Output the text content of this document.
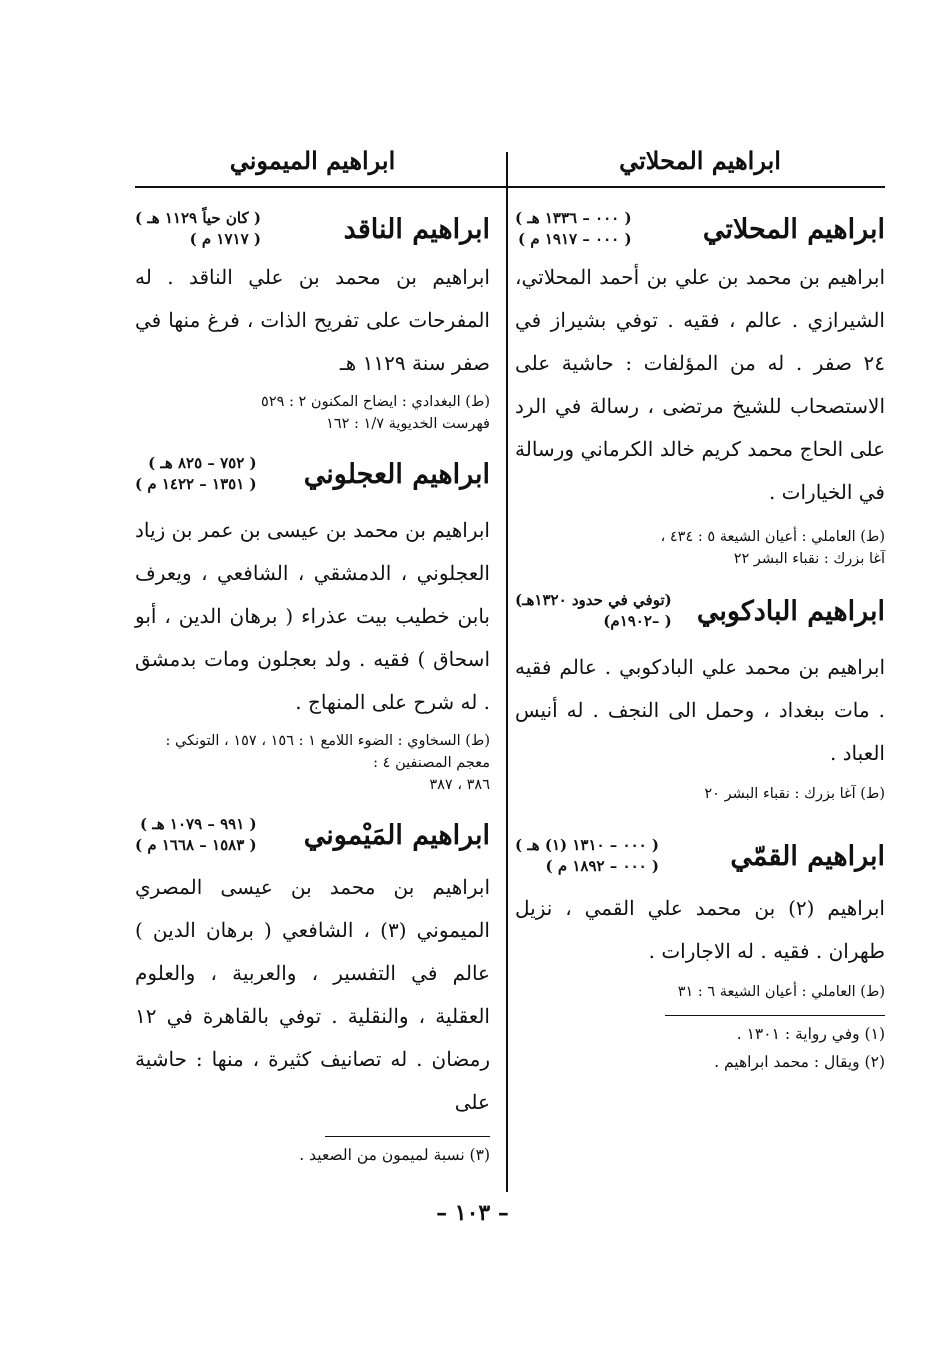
ابراهيم المحلاتي
ابراهيم المحلاتي
( ٠٠٠ – ١٣٣٦ هـ )
( ٠٠٠ – ١٩١٧ م )
ابراهيم بن محمد بن علي بن أحمد المحلاتي، الشيرازي . عالم ، فقيه . توفي بشيراز في ٢٤ صفر . له من المؤلفات : حاشية على الاستصحاب للشيخ مرتضى ، رسالة في الرد على الحاج محمد كريم خالد الكرماني ورسالة في الخيارات .
(ط) العاملي : أعيان الشيعة ٥ : ٤٣٤ ،
آغا بزرك : نقباء البشر ٢٢
ابراهيم البادكوبي
(توفي في حدود ١٣٢٠هـ)
( –١٩٠٢م)
ابراهيم بن محمد علي البادكوبي . عالم فقيه . مات ببغداد ، وحمل الى النجف . له أنيس العباد .
(ط) آغا بزرك : نقباء البشر ٢٠
ابراهيم القمّي
( ٠٠٠ – ١٣١٠ (١) هـ )
( ٠٠٠ – ١٨٩٢ م )
ابراهيم (٢) بن محمد علي القمي ، نزيل طهران . فقيه . له الاجارات .
(ط) العاملي : أعيان الشيعة ٦ : ٣١
(١) وفي رواية : ١٣٠١ .
(٢) ويقال : محمد ابراهيم .
ابراهيم الميموني
ابراهيم الناقد
( كان حياً ١١٢٩ هـ )
( ١٧١٧ م )
ابراهيم بن محمد بن علي الناقد . له المفرحات على تفريح الذات ، فرغ منها في صفر سنة ١١٢٩ هـ
(ط) البغدادي : ايضاح المكنون ٢ : ٥٢٩
فهرست الخديوية ١/٧ : ١٦٢
ابراهيم العجلوني
( ٧٥٢ – ٨٢٥ هـ )
( ١٣٥١ – ١٤٢٢ م )
ابراهيم بن محمد بن عيسى بن عمر بن زياد العجلوني ، الدمشقي ، الشافعي ، ويعرف بابن خطيب بيت عذراء ( برهان الدين ، أبو اسحاق ) فقيه . ولد بعجلون ومات بدمشق . له شرح على المنهاج .
(ط) السخاوي : الضوء اللامع ١ : ١٥٦ ، ١٥٧ ، التونكي : معجم المصنفين ٤ :
٣٨٦ ، ٣٨٧
ابراهيم المَيْموني
( ٩٩١ – ١٠٧٩ هـ )
( ١٥٨٣ – ١٦٦٨ م )
ابراهيم بن محمد بن عيسى المصري الميموني (٣) ، الشافعي ( برهان الدين ) عالم في التفسير ، والعربية ، والعلوم العقلية ، والنقلية . توفي بالقاهرة في ١٢ رمضان . له تصانيف كثيرة ، منها : حاشية على
(٣) نسبة لميمون من الصعيد .
– ١٠٣ –
